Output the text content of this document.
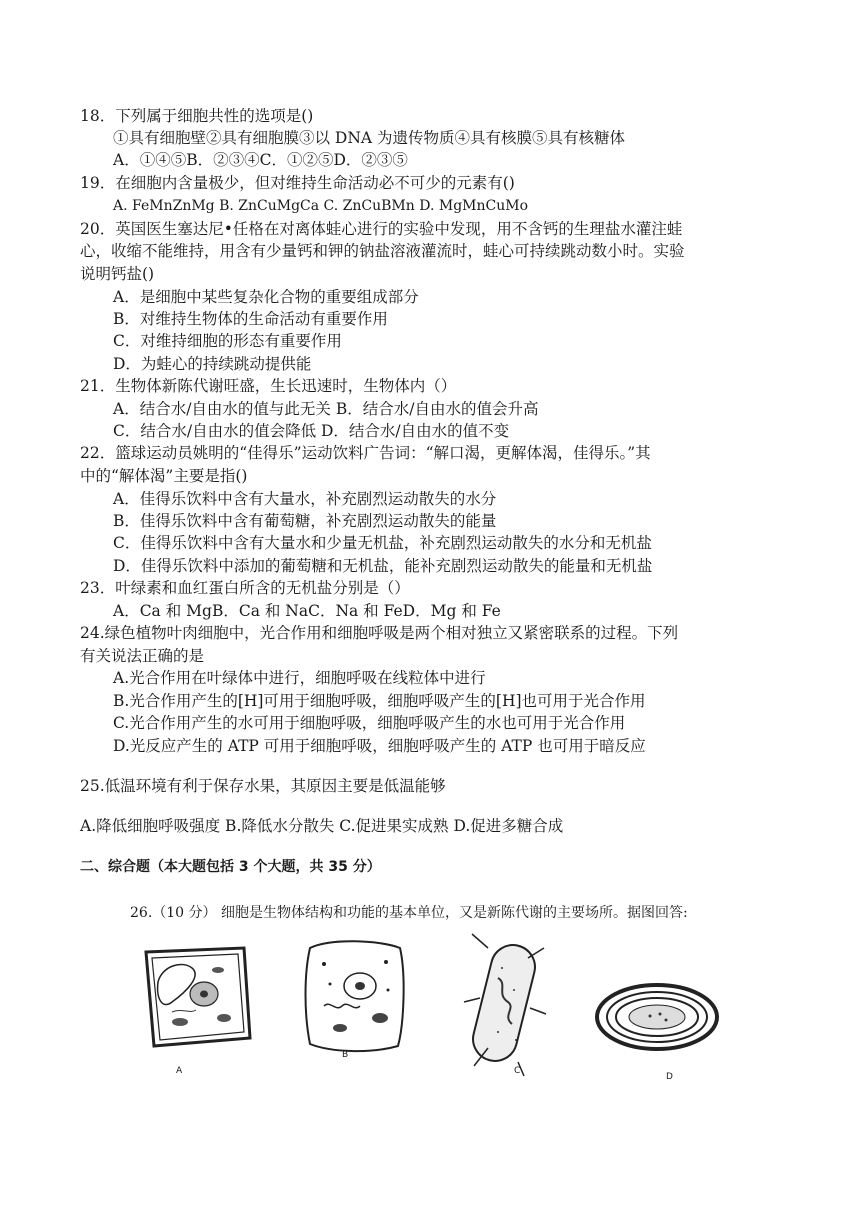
18．下列属于细胞共性的选项是()
①具有细胞壁②具有细胞膜③以 DNA 为遗传物质④具有核膜⑤具有核糖体
A．①④⑤B．②③④C．①②⑤D．②③⑤
19．在细胞内含量极少，但对维持生命活动必不可少的元素有()
A. FeMnZnMg B. ZnCuMgCa C. ZnCuBMn D. MgMnCuMo
20．英国医生塞达尼•任格在对离体蛙心进行的实验中发现，用不含钙的生理盐水灌注蛙
心，收缩不能维持，用含有少量钙和钾的钠盐溶液灌流时，蛙心可持续跳动数小时。实验
说明钙盐()
A．是细胞中某些复杂化合物的重要组成部分
B．对维持生物体的生命活动有重要作用
C．对维持细胞的形态有重要作用
D．为蛙心的持续跳动提供能
21．生物体新陈代谢旺盛，生长迅速时，生物体内（）
A．结合水/自由水的值与此无关 B．结合水/自由水的值会升高
C．结合水/自由水的值会降低 D．结合水/自由水的值不变
22．篮球运动员姚明的“佳得乐”运动饮料广告词：“解口渴，更解体渴，佳得乐。”其
中的“解体渴”主要是指()
A．佳得乐饮料中含有大量水，补充剧烈运动散失的水分
B．佳得乐饮料中含有葡萄糖，补充剧烈运动散失的能量
C．佳得乐饮料中含有大量水和少量无机盐，补充剧烈运动散失的水分和无机盐
D．佳得乐饮料中添加的葡萄糖和无机盐，能补充剧烈运动散失的能量和无机盐
23．叶绿素和血红蛋白所含的无机盐分别是（）
A．Ca 和 MgB．Ca 和 NaC．Na 和 FeD．Mg 和 Fe
24.绿色植物叶肉细胞中，光合作用和细胞呼吸是两个相对独立又紧密联系的过程。下列
有关说法正确的是
A.光合作用在叶绿体中进行，细胞呼吸在线粒体中进行
B.光合作用产生的[H]可用于细胞呼吸，细胞呼吸产生的[H]也可用于光合作用
C.光合作用产生的水可用于细胞呼吸，细胞呼吸产生的水也可用于光合作用
D.光反应产生的 ATP 可用于细胞呼吸，细胞呼吸产生的 ATP 也可用于暗反应
25.低温环境有利于保存水果，其原因主要是低温能够
A.降低细胞呼吸强度 B.降低水分散失 C.促进果实成熟 D.促进多糖合成
二、综合题（本大题包括 3 个大题，共 35 分）
26.（10 分） 细胞是生物体结构和功能的基本单位，又是新陈代谢的主要场所。据图回答:
A
B
C
D
